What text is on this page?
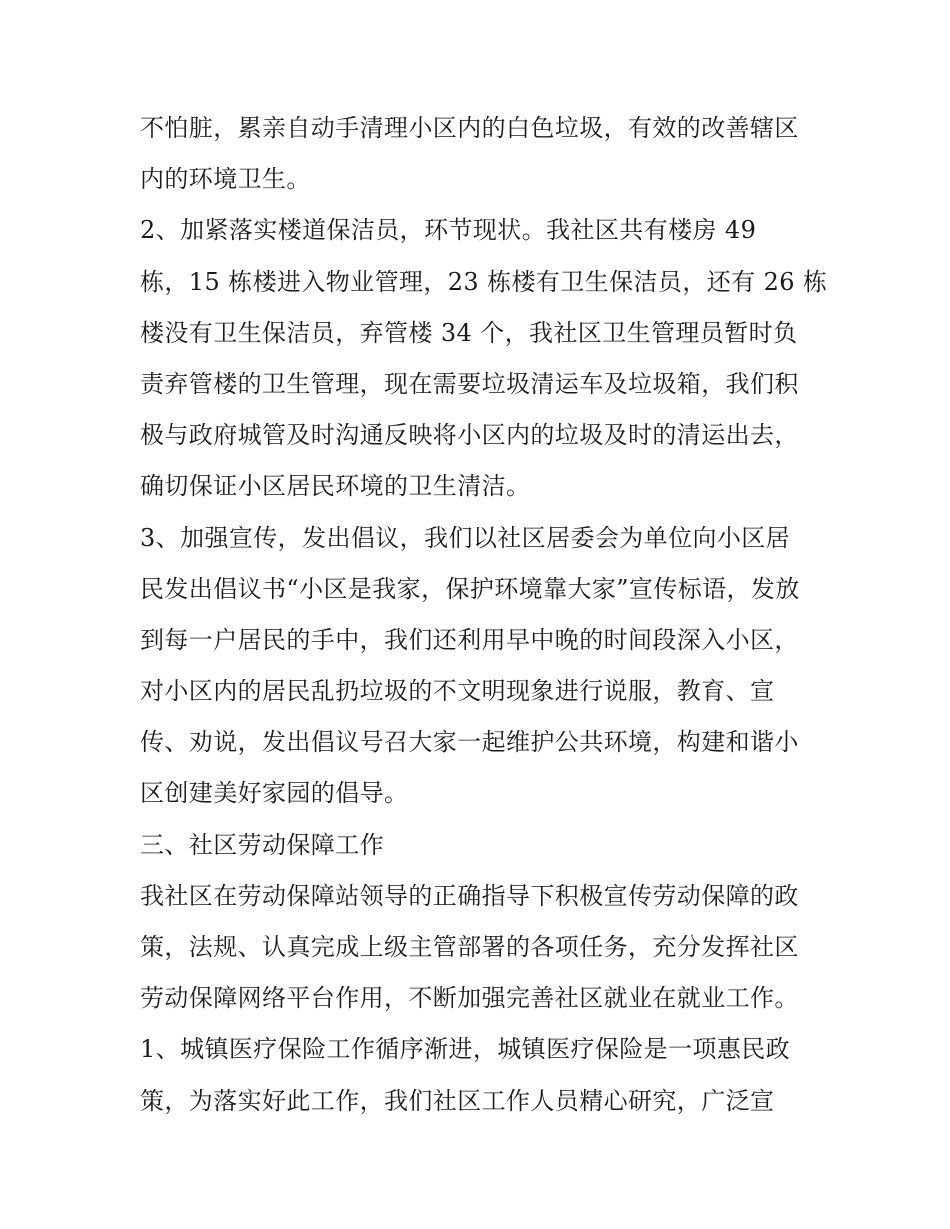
不怕脏，累亲自动手清理小区内的白色垃圾，有效的改善辖区
内的环境卫生。
2、加紧落实楼道保洁员，环节现状。我社区共有楼房 49
栋，15 栋楼进入物业管理，23 栋楼有卫生保洁员，还有 26 栋
楼没有卫生保洁员，弃管楼 34 个，我社区卫生管理员暂时负
责弃管楼的卫生管理，现在需要垃圾清运车及垃圾箱，我们积
极与政府城管及时沟通反映将小区内的垃圾及时的清运出去，
确切保证小区居民环境的卫生清洁。
3、加强宣传，发出倡议，我们以社区居委会为单位向小区居
民发出倡议书“小区是我家，保护环境靠大家”宣传标语，发放
到每一户居民的手中，我们还利用早中晚的时间段深入小区，
对小区内的居民乱扔垃圾的不文明现象进行说服，教育、宣
传、劝说，发出倡议号召大家一起维护公共环境，构建和谐小
区创建美好家园的倡导。
三、社区劳动保障工作
我社区在劳动保障站领导的正确指导下积极宣传劳动保障的政
策，法规、认真完成上级主管部署的各项任务，充分发挥社区
劳动保障网络平台作用，不断加强完善社区就业在就业工作。
1、城镇医疗保险工作循序渐进，城镇医疗保险是一项惠民政
策，为落实好此工作，我们社区工作人员精心研究，广泛宣
